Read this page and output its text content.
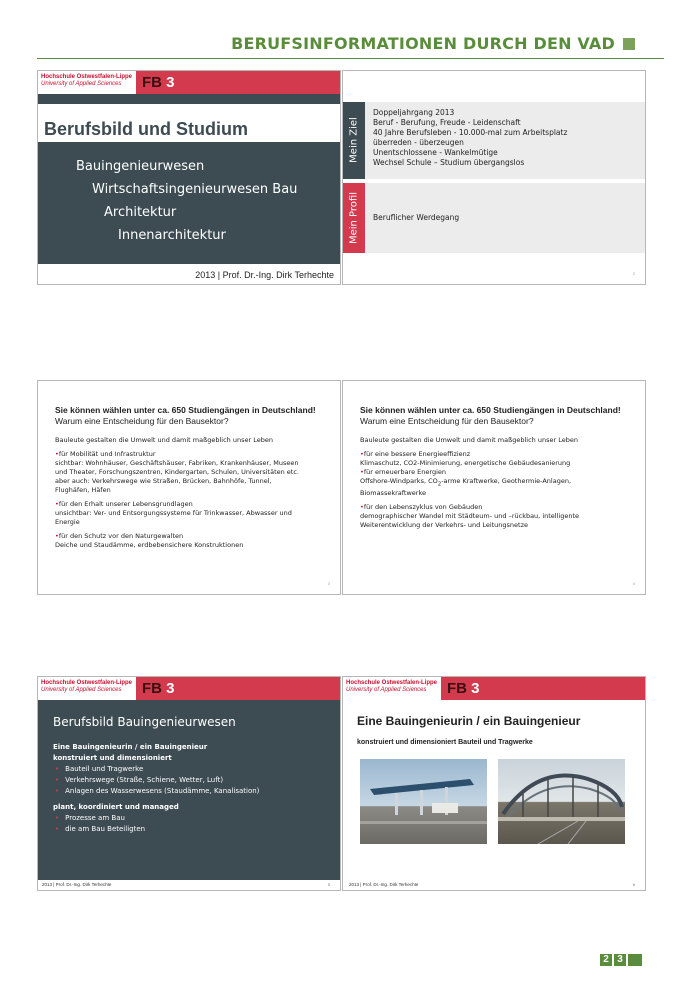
BERUFSINFORMATIONEN DURCH DEN VAD
Hochschule Ostwestfalen-Lippe
University of Applied Sciences	FB 3
Berufsbild und Studium
Bauingenieurwesen
Wirtschaftsingenieurwesen Bau
Architektur
Innenarchitektur
2013 | Prof. Dr.-Ing. Dirk Terhechte
Mein Ziel
Doppeljahrgang 2013
Beruf - Berufung, Freude - Leidenschaft
40 Jahre Berufsleben - 10.000-mal zum Arbeitsplatz
überreden - überzeugen
Unentschlossene - Wankelmütige
Wechsel Schule – Studium übergangslos
Mein Profil Beruflicher Werdegang
2
Sie können wählen unter ca. 650 Studiengängen in Deutschland!
Warum eine Entscheidung für den Bausektor?
Bauleute gestalten die Umwelt und damit maßgeblich unser Leben
•für Mobilität und Infrastruktur
sichtbar: Wohnhäuser, Geschäftshäuser, Fabriken, Krankenhäuser, Museen
und Theater, Forschungszentren, Kindergarten, Schulen, Universitäten etc.
aber auch: Verkehrswege wie Straßen, Brücken, Bahnhöfe, Tunnel,
Flughäfen, Häfen
•für den Erhalt unserer Lebensgrundlagen
unsichtbar: Ver- und Entsorgungssysteme für Trinkwasser, Abwasser und
Energie
•für den Schutz vor den Naturgewalten
Deiche und Staudämme, erdbebensichere Konstruktionen
3
Sie können wählen unter ca. 650 Studiengängen in Deutschland!
Warum eine Entscheidung für den Bausektor?
Bauleute gestalten die Umwelt und damit maßgeblich unser Leben
•für eine bessere Energieeffizienz
Klimaschutz, CO2-Minimierung, energetische Gebäudesanierung
•für erneuerbare Energien
Offshore-Windparks, $CO_2$-arme Kraftwerke, Geothermie-Anlagen,
Biomassekraftwerke
•für den Lebenszyklus von Gebäuden
demographischer Wandel mit Städteum- und –rückbau, intelligente
Weiterentwicklung der Verkehrs- und Leitungsnetze
4
Hochschule Ostwestfalen-Lippe
University of Applied Sciences	FB 3
Berufsbild Bauingenieurwesen
Eine Bauingenieurin / ein Bauingenieur
konstruiert und dimensioniert
• Bauteil und Tragwerke
• Verkehrswege (Straße, Schiene, Wetter, Luft)
• Anlagen des Wasserwesens (Staudämme, Kanalisation)
plant, koordiniert und managed
• Prozesse am Bau
• die am Bau Beteiligten
2013 | Prof. Dr.-Ing. Dirk Terhechte	5
Hochschule Ostwestfalen-Lippe
University of Applied Sciences	FB 3
Eine Bauingenieurin / ein Bauingenieur
konstruiert und dimensioniert Bauteil und Tragwerke
2013 | Prof. Dr.-Ing. Dirk Terhechte	6
2 3
